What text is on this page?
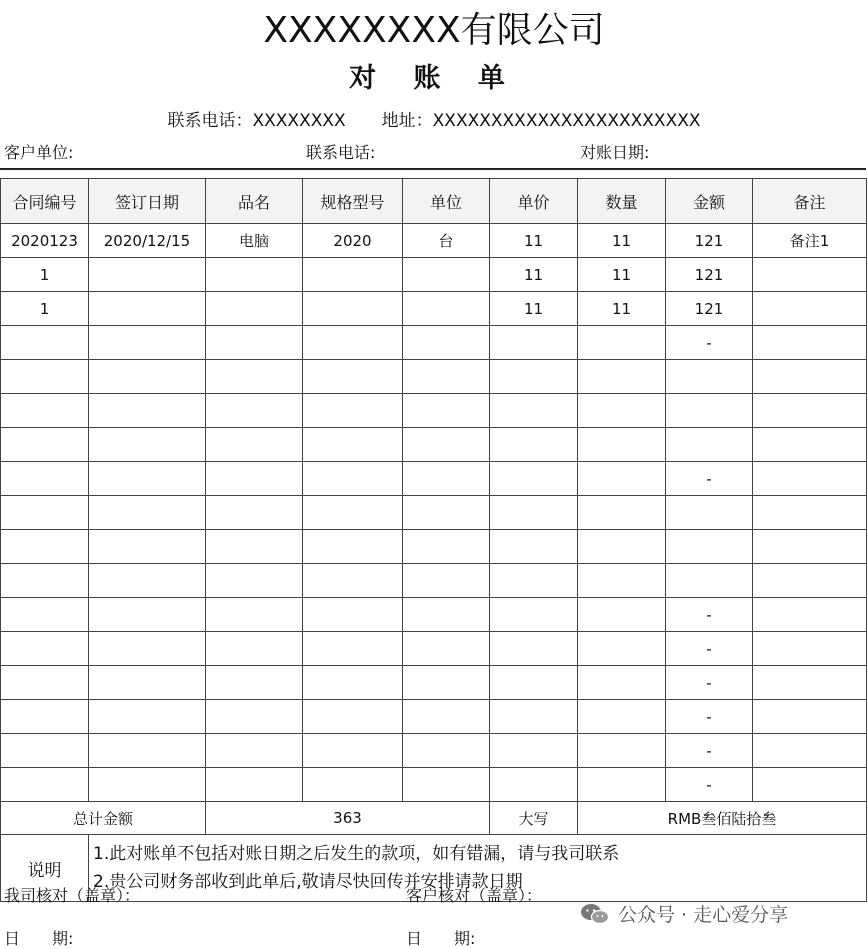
XXXXXXXX有限公司
对 账 单
联系电话：XXXXXXXX 地址：XXXXXXXXXXXXXXXXXXXXXXX
客户单位:	联系电话:	对账日期:
合同编号	签订日期	品名	规格型号	单位	单价	数量	金额	备注
2020123	2020/12/15	电脑	2020	台	11	11	121	备注1
1					11	11	121	
1					11	11	121	
							-	

							-	

							-	
							-	
							-	
							-	
							-	
							-	
总计金额		363			大写	RMB叁佰陆拾叁		
说明	1.此对账单不包括对账日期之后发生的款项，如有错漏，请与我司联系
2.贵公司财务部收到此单后,敬请尽快回传并安排请款日期							
我司核对（盖章）：	客户核对（盖章）：
日　　期:	日　　期:
公众号 · 走心爱分享
